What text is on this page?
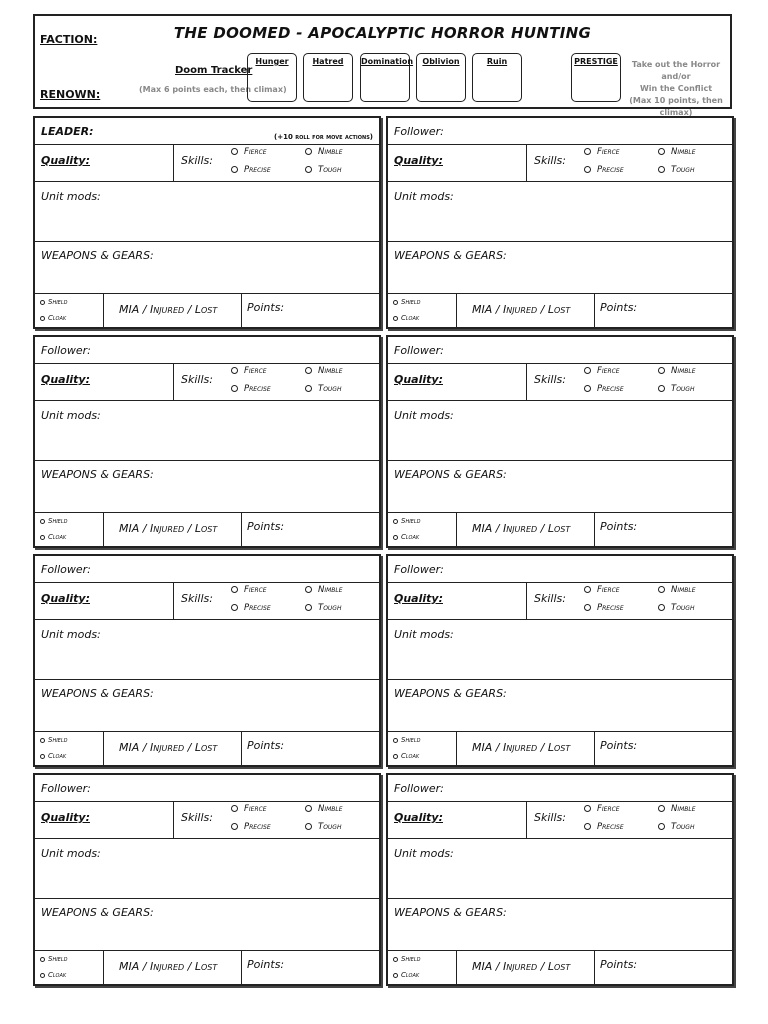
THE DOOMED - APOCALYPTIC HORROR HUNTING
FACTION:
RENOWN:
Doom Tracker
(Max 6 points each, then climax)
Hunger	Hatred	Domination	Oblivion	Ruin	PRESTIGE	Take out the Horror and/or
Win the Conflict
(Max 10 points, then climax)
LEADER:	(+10 roll for move actions)
Quality:	Skills:
Fierce	Nimble
Precise	Tough
Unit mods:
WEAPONS & GEARS:
Shield
Cloak
MIA / Injured / Lost	Points:
Follower:
Quality:	Skills:
Fierce	Nimble
Precise	Tough
Unit mods:
WEAPONS & GEARS:
Shield
Cloak
MIA / Injured / Lost	Points:
Follower:
Quality:	Skills:
Fierce	Nimble
Precise	Tough
Unit mods:
WEAPONS & GEARS:
Shield
Cloak
MIA / Injured / Lost	Points:
Follower:
Quality:	Skills:
Fierce	Nimble
Precise	Tough
Unit mods:
WEAPONS & GEARS:
Shield
Cloak
MIA / Injured / Lost	Points:
Follower:
Quality:	Skills:
Fierce	Nimble
Precise	Tough
Unit mods:
WEAPONS & GEARS:
Shield
Cloak
MIA / Injured / Lost	Points:
Follower:
Quality:	Skills:
Fierce	Nimble
Precise	Tough
Unit mods:
WEAPONS & GEARS:
Shield
Cloak
MIA / Injured / Lost	Points:
Follower:
Quality:	Skills:
Fierce	Nimble
Precise	Tough
Unit mods:
WEAPONS & GEARS:
Shield
Cloak
MIA / Injured / Lost	Points:
Follower:
Quality:	Skills:
Fierce	Nimble
Precise	Tough
Unit mods:
WEAPONS & GEARS:
Shield
Cloak
MIA / Injured / Lost	Points:
